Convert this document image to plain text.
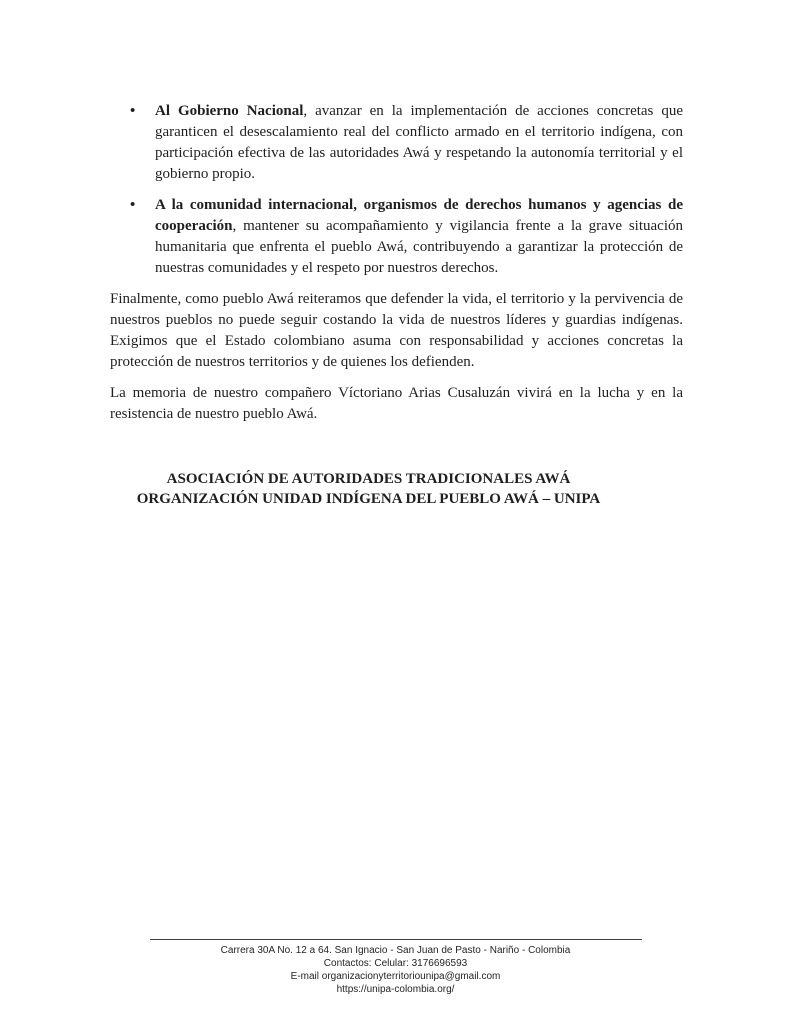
• Al Gobierno Nacional, avanzar en la implementación de acciones concretas que garanticen el desescalamiento real del conflicto armado en el territorio indígena, con participación efectiva de las autoridades Awá y respetando la autonomía territorial y el gobierno propio.
• A la comunidad internacional, organismos de derechos humanos y agencias de cooperación, mantener su acompañamiento y vigilancia frente a la grave situación humanitaria que enfrenta el pueblo Awá, contribuyendo a garantizar la protección de nuestras comunidades y el respeto por nuestros derechos.

Finalmente, como pueblo Awá reiteramos que defender la vida, el territorio y la pervivencia de nuestros pueblos no puede seguir costando la vida de nuestros líderes y guardias indígenas. Exigimos que el Estado colombiano asuma con responsabilidad y acciones concretas la protección de nuestros territorios y de quienes los defienden.

La memoria de nuestro compañero Víctoriano Arias Cusaluzán vivirá en la lucha y en la resistencia de nuestro pueblo Awá.

ASOCIACIÓN DE AUTORIDADES TRADICIONALES AWÁ
ORGANIZACIÓN UNIDAD INDÍGENA DEL PUEBLO AWÁ – UNIPA
Carrera 30A No. 12 a 64. San Ignacio - San Juan de Pasto - Nariño - Colombia
Contactos: Celular: 3176696593
E-mail organizacionyterritoriounipa@gmail.com
https://unipa-colombia.org/
